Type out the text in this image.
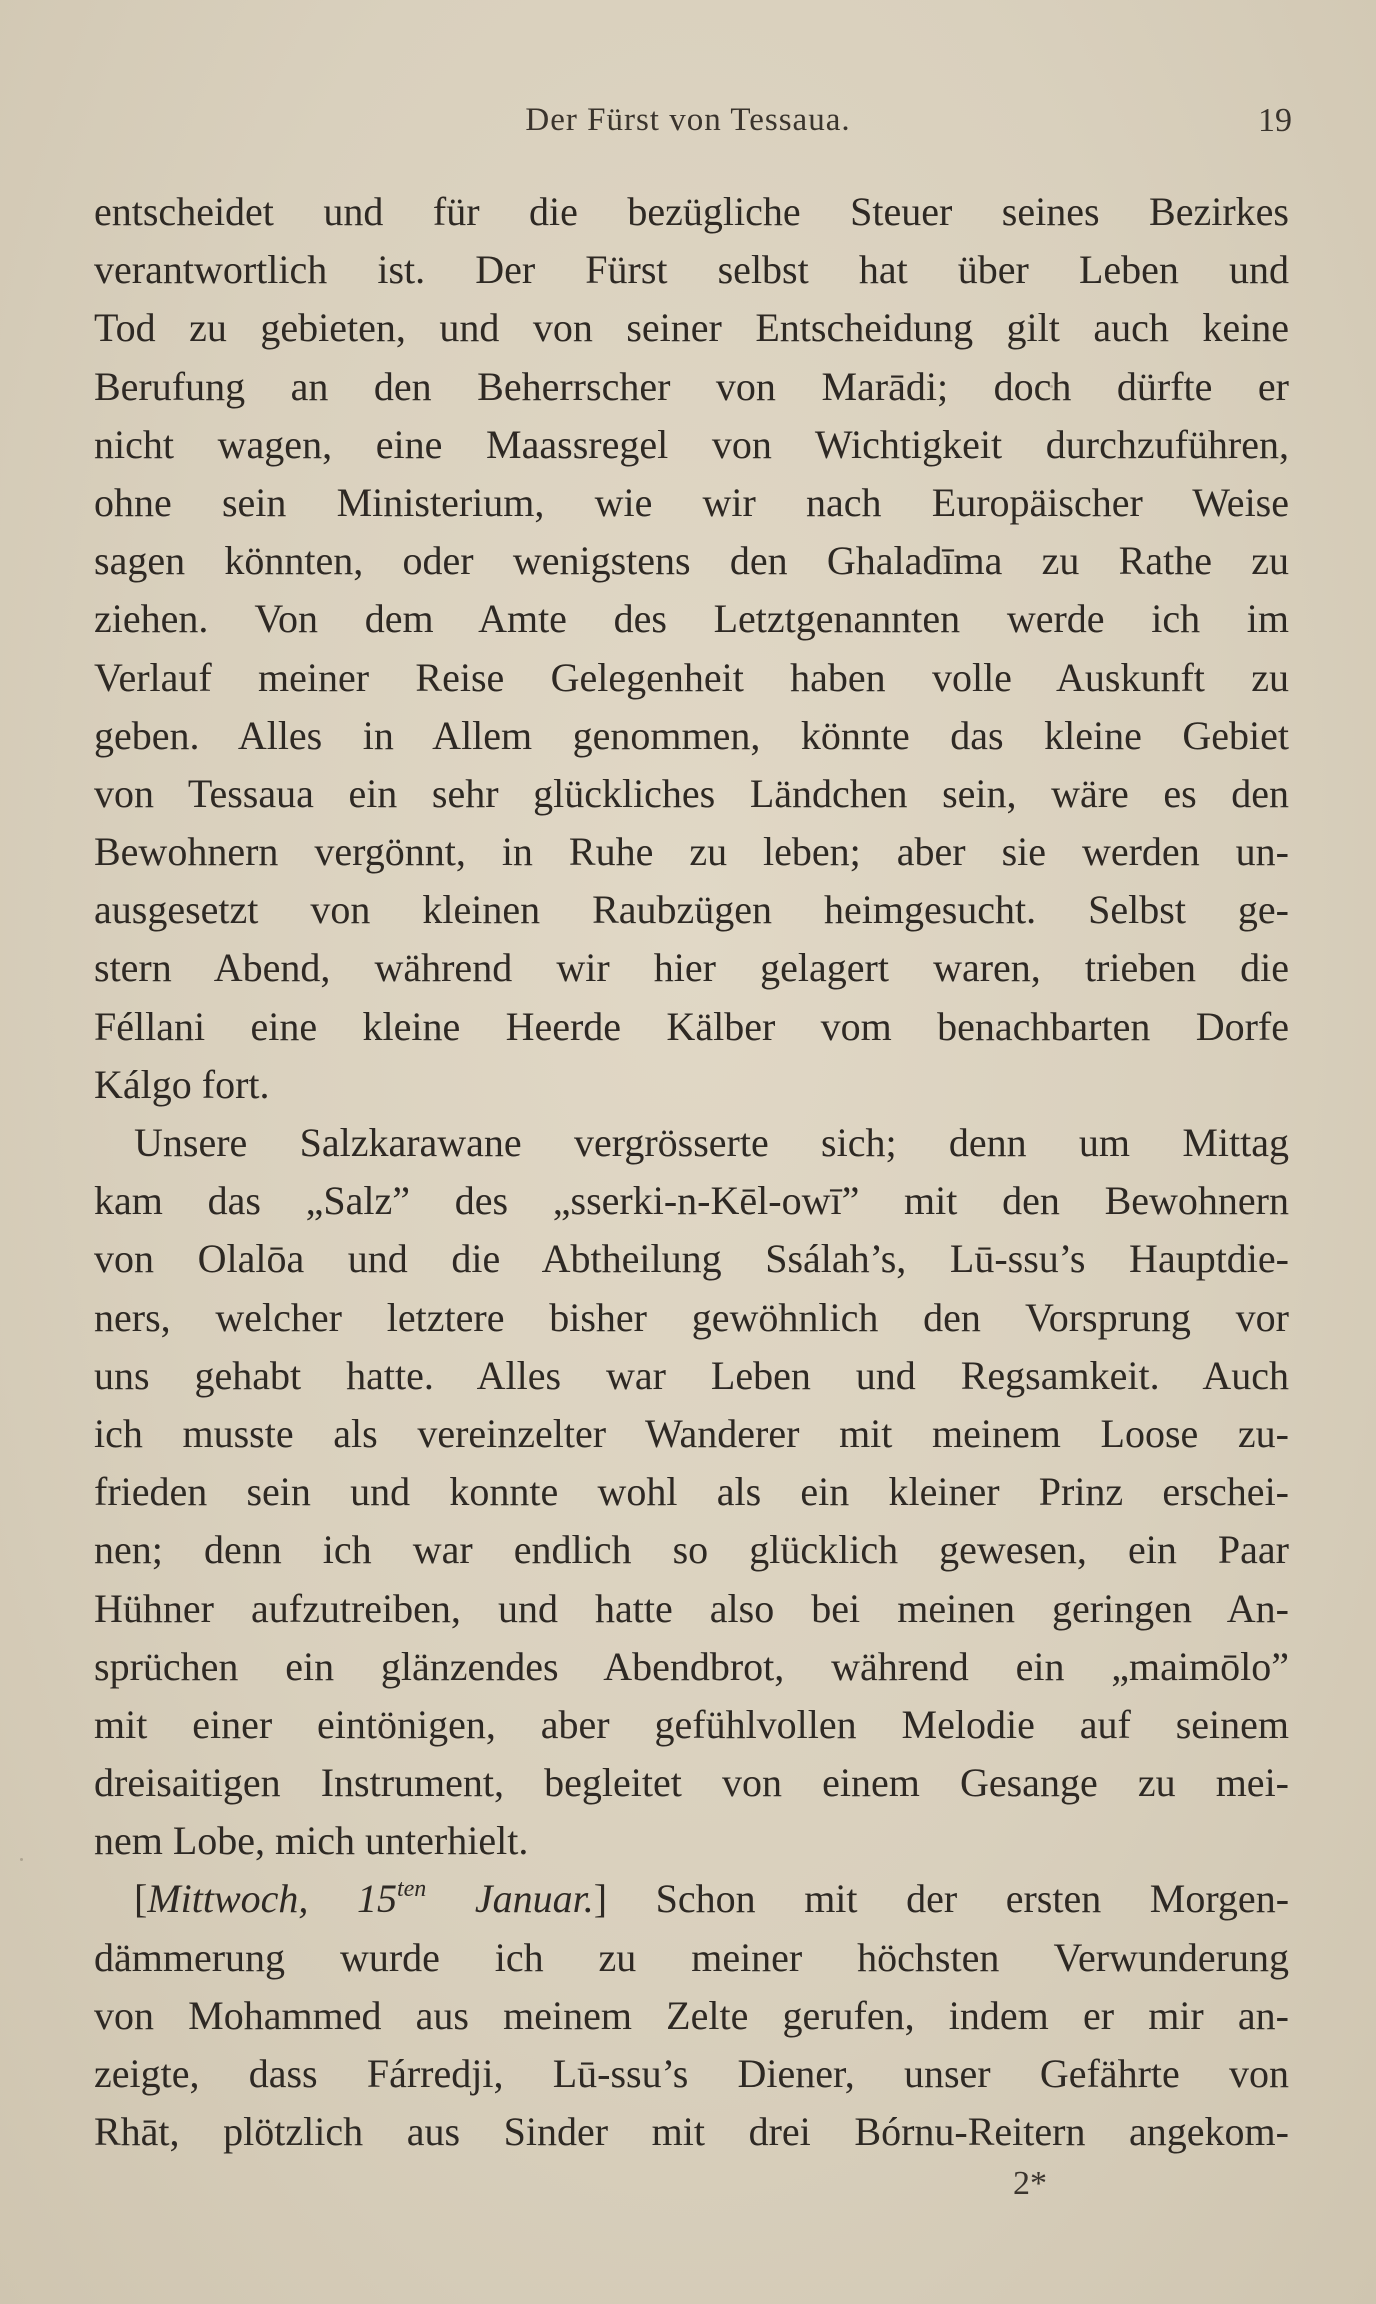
Der Fürst von Tessaua.	19
entscheidet und für die bezügliche Steuer seines Bezirkes
verantwortlich ist. Der Fürst selbst hat über Leben und
Tod zu gebieten, und von seiner Entscheidung gilt auch keine
Berufung an den Beherrscher von Marādi; doch dürfte er
nicht wagen, eine Maassregel von Wichtigkeit durchzuführen,
ohne sein Ministerium, wie wir nach Europäischer Weise
sagen könnten, oder wenigstens den Ghaladīma zu Rathe zu
ziehen. Von dem Amte des Letztgenannten werde ich im
Verlauf meiner Reise Gelegenheit haben volle Auskunft zu
geben. Alles in Allem genommen, könnte das kleine Gebiet
von Tessaua ein sehr glückliches Ländchen sein, wäre es den
Bewohnern vergönnt, in Ruhe zu leben; aber sie werden un-
ausgesetzt von kleinen Raubzügen heimgesucht. Selbst ge-
stern Abend, während wir hier gelagert waren, trieben die
Féllani eine kleine Heerde Kälber vom benachbarten Dorfe
Kálgo fort.
Unsere Salzkarawane vergrösserte sich; denn um Mittag
kam das „Salz” des „sserki-n-Kēl-owī” mit den Bewohnern
von Olalōa und die Abtheilung Ssálah’s, Lū-ssu’s Hauptdie-
ners, welcher letztere bisher gewöhnlich den Vorsprung vor
uns gehabt hatte. Alles war Leben und Regsamkeit. Auch
ich musste als vereinzelter Wanderer mit meinem Loose zu-
frieden sein und konnte wohl als ein kleiner Prinz erschei-
nen; denn ich war endlich so glücklich gewesen, ein Paar
Hühner aufzutreiben, und hatte also bei meinen geringen An-
sprüchen ein glänzendes Abendbrot, während ein „maimōlo”
mit einer eintönigen, aber gefühlvollen Melodie auf seinem
dreisaitigen Instrument, begleitet von einem Gesange zu mei-
nem Lobe, mich unterhielt.
[Mittwoch, $15^{ten}$ Januar.] Schon mit der ersten Morgen-
dämmerung wurde ich zu meiner höchsten Verwunderung
von Mohammed aus meinem Zelte gerufen, indem er mir an-
zeigte, dass Fárredji, Lū-ssu’s Diener, unser Gefährte von
Rhāt, plötzlich aus Sinder mit drei Bórnu-Reitern angekom-
2*
